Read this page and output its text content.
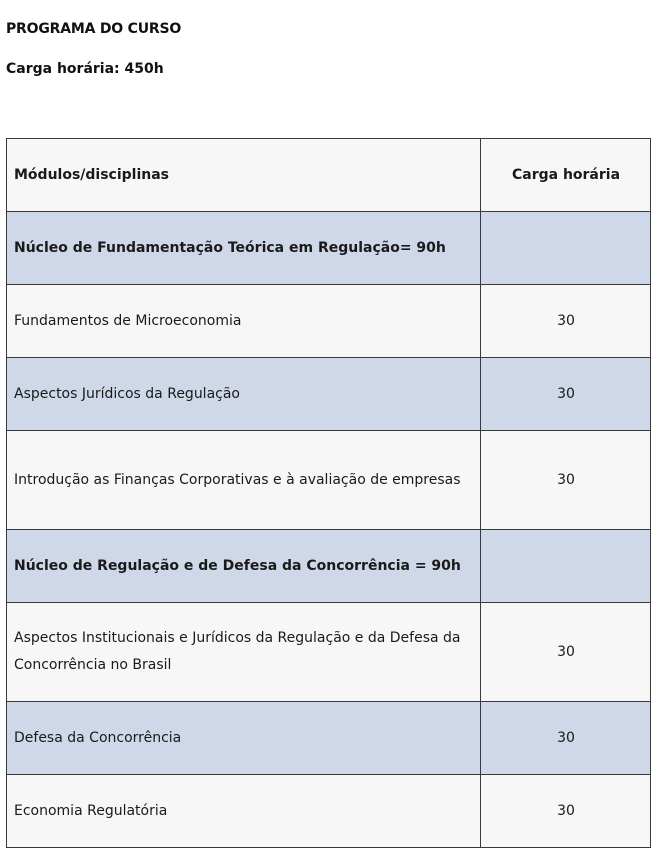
PROGRAMA DO CURSO
Carga horária: 450h
Módulos/disciplinas	Carga horária
Núcleo de Fundamentação Teórica em Regulação= 90h	
Fundamentos de Microeconomia	30
Aspectos Jurídicos da Regulação	30
Introdução as Finanças Corporativas e à avaliação de empresas	30
Núcleo de Regulação e de Defesa da Concorrência = 90h	
Aspectos Institucionais e Jurídicos da Regulação e da Defesa da Concorrência no Brasil	30
Defesa da Concorrência	30
Economia Regulatória	30
